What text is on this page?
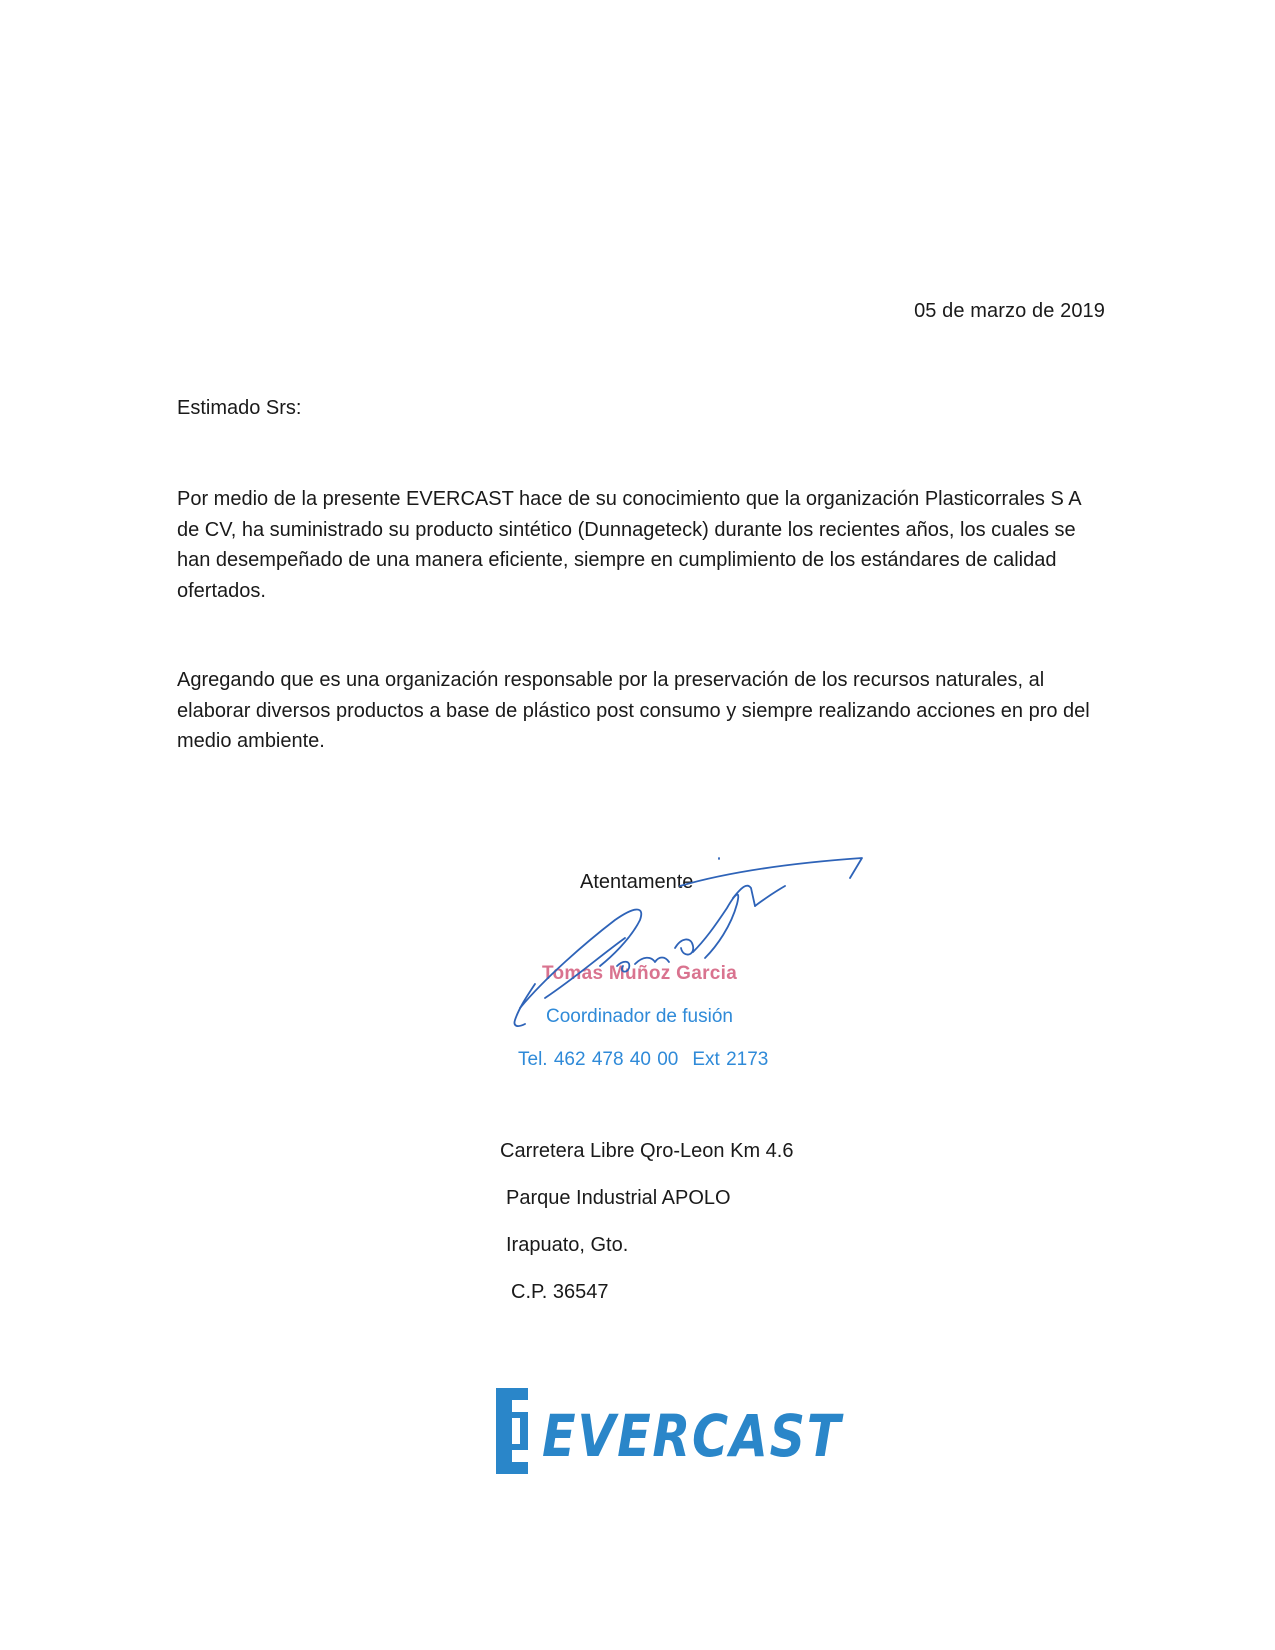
05 de marzo de 2019
Estimado Srs:

Por medio de la presente EVERCAST hace de su conocimiento que la organización Plasticorrales S A de CV, ha suministrado su producto sintético (Dunnageteck) durante los recientes años, los cuales se han desempeñado de una manera eficiente, siempre en cumplimiento de los estándares de calidad ofertados.

Agregando que es una organización responsable por la preservación de los recursos naturales, al elaborar diversos productos a base de plástico post consumo y siempre realizando acciones en pro del medio ambiente.

Atentamente
Tomas Muñoz Garcia
Coordinador de fusión
Tel. 462 478 40 00 Ext 2173
Carretera Libre Qro-Leon Km 4.6
Parque Industrial APOLO
Irapuato, Gto.
C.P. 36547
EVERCAST
